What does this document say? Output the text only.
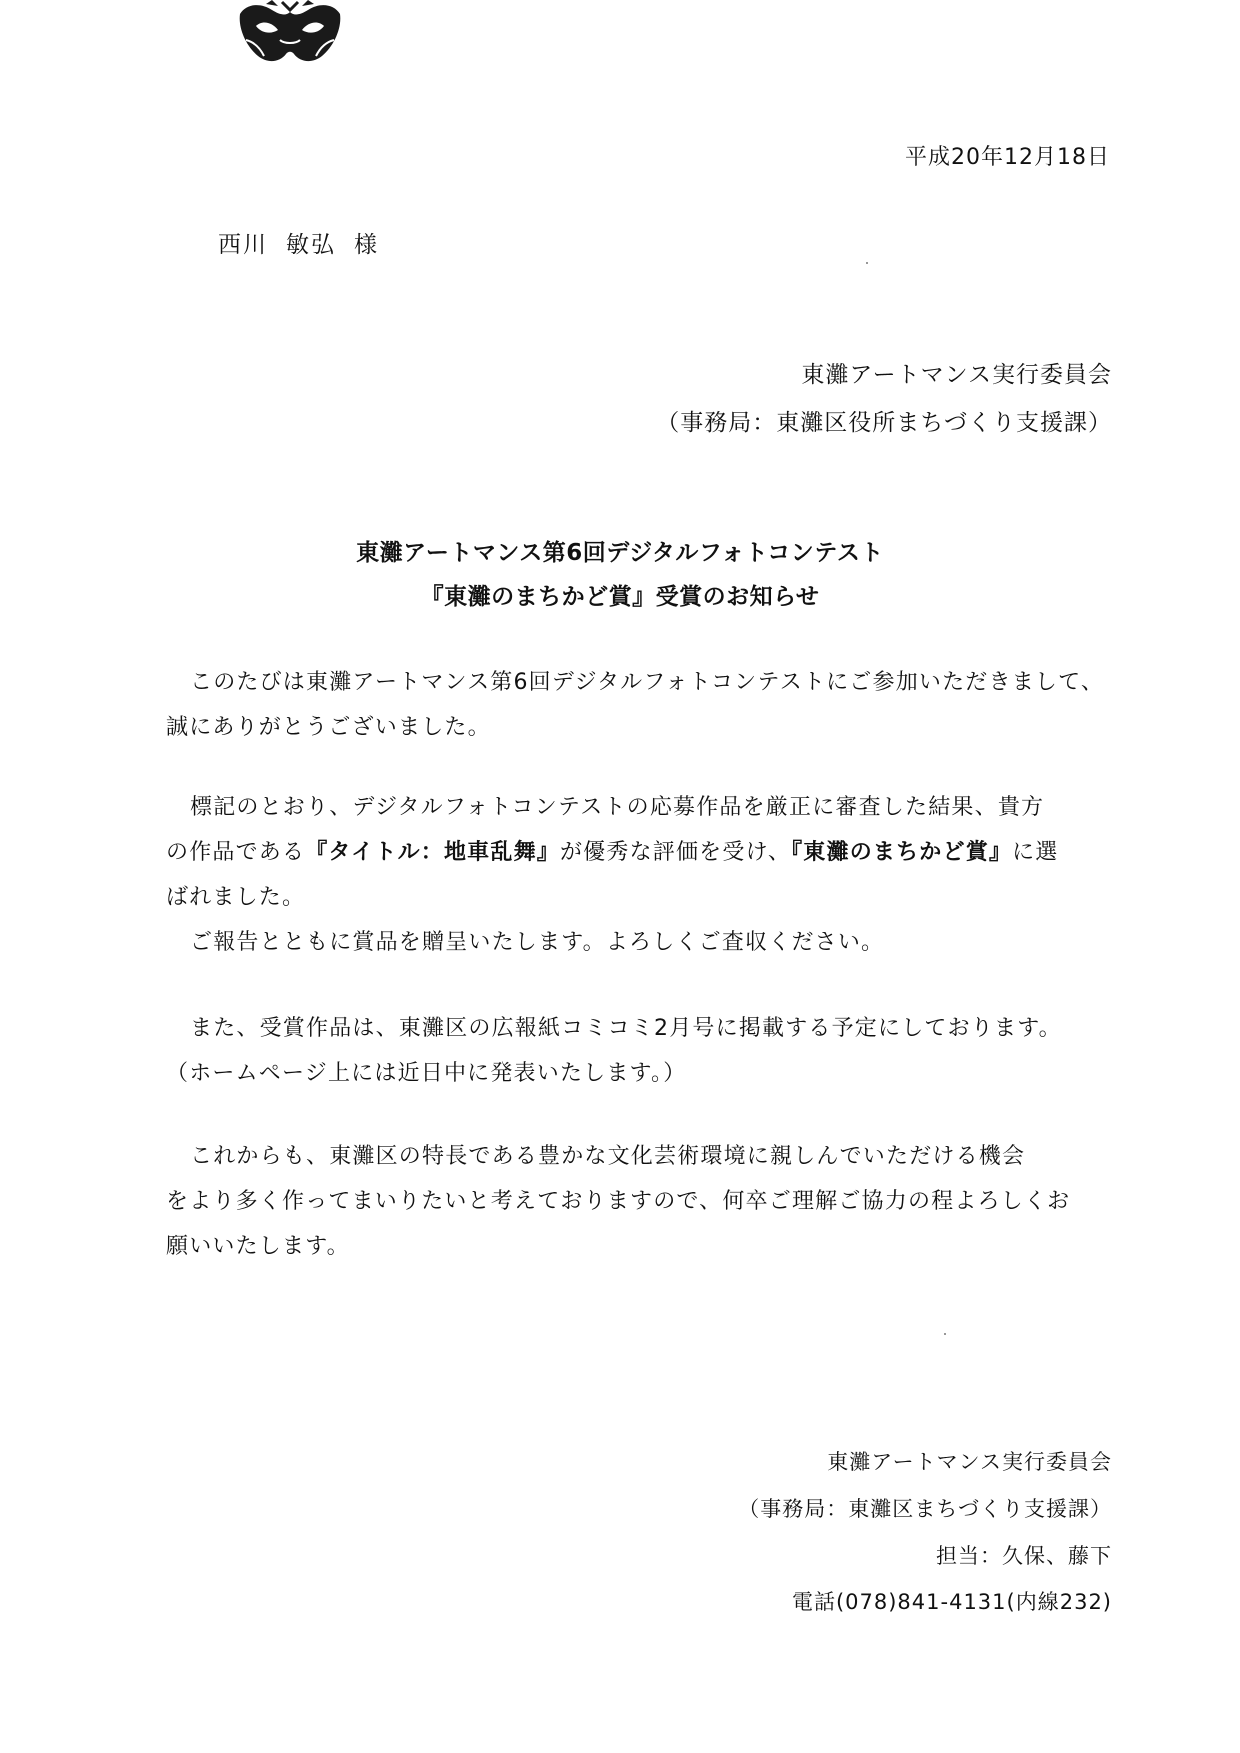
平成20年12月18日
西川 敏弘 様
東灘アートマンス実行委員会
（事務局：東灘区役所まちづくり支援課）
東灘アートマンス第6回デジタルフォトコンテスト
『東灘のまちかど賞』受賞のお知らせ
このたびは東灘アートマンス第6回デジタルフォトコンテストにご参加いただきまして、
誠にありがとうございました。
標記のとおり、デジタルフォトコンテストの応募作品を厳正に審査した結果、貴方
の作品である『タイトル：地車乱舞』が優秀な評価を受け、『東灘のまちかど賞』に選
ばれました。
ご報告とともに賞品を贈呈いたします。よろしくご査収ください。
また、受賞作品は、東灘区の広報紙コミコミ2月号に掲載する予定にしております。
（ホームページ上には近日中に発表いたします。）
これからも、東灘区の特長である豊かな文化芸術環境に親しんでいただける機会
をより多く作ってまいりたいと考えておりますので、何卒ご理解ご協力の程よろしくお
願いいたします。
東灘アートマンス実行委員会
（事務局：東灘区まちづくり支援課）
担当：久保、藤下
電話(078)841-4131(内線232)
